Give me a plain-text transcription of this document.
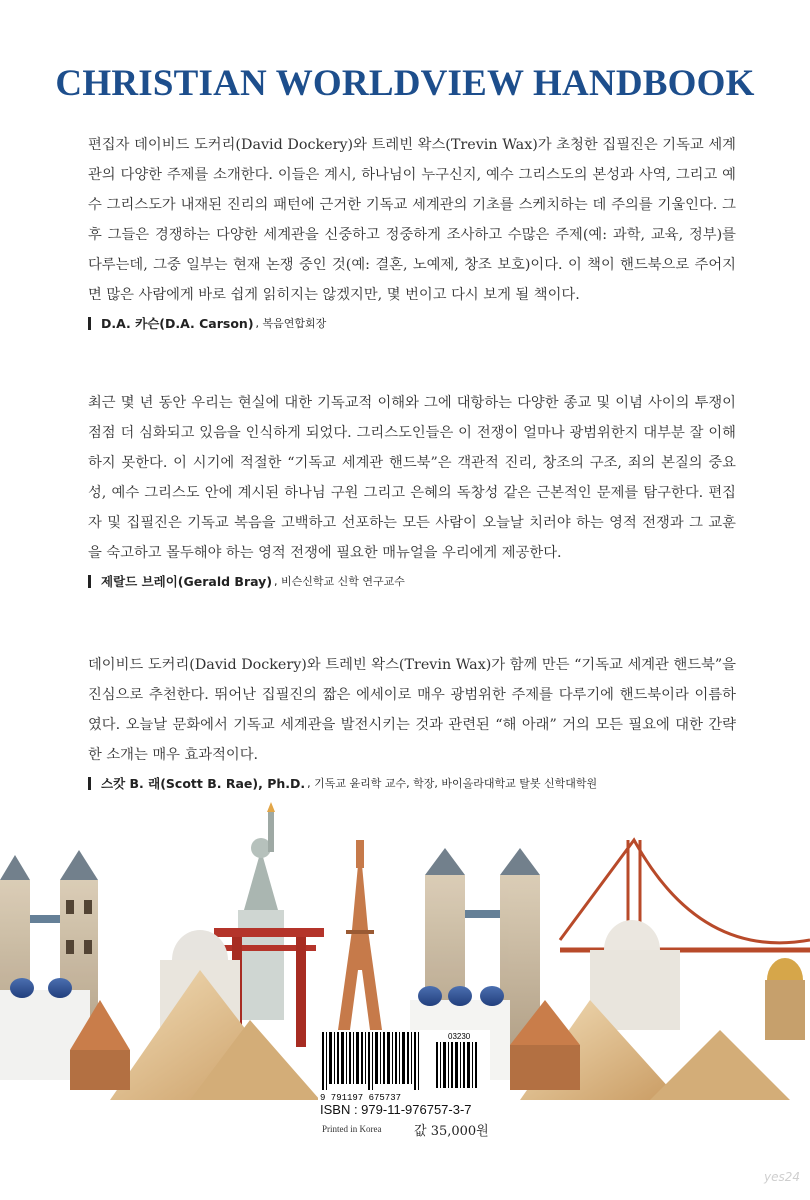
CHRISTIAN WORLDVIEW HANDBOOK

편집자 데이비드 도커리(David Dockery)와 트레빈 왁스(Trevin Wax)가 초청한 집필진은 기독교 세계관의 다양한 주제를 소개한다. 이들은 계시, 하나님이 누구신지, 예수 그리스도의 본성과 사역, 그리고 예수 그리스도가 내재된 진리의 패턴에 근거한 기독교 세계관의 기초를 스케치하는 데 주의를 기울인다. 그 후 그들은 경쟁하는 다양한 세계관을 신중하고 정중하게 조사하고 수많은 주제(예: 과학, 교육, 정부)를 다루는데, 그중 일부는 현재 논쟁 중인 것(예: 결혼, 노예제, 창조 보호)이다. 이 책이 핸드북으로 주어지면 많은 사람에게 바로 쉽게 읽히지는 않겠지만, 몇 번이고 다시 보게 될 책이다.

D.A. 카슨(D.A. Carson) , 복음연합회장

최근 몇 년 동안 우리는 현실에 대한 기독교적 이해와 그에 대항하는 다양한 종교 및 이념 사이의 투쟁이 점점 더 심화되고 있음을 인식하게 되었다. 그리스도인들은 이 전쟁이 얼마나 광범위한지 대부분 잘 이해하지 못한다. 이 시기에 적절한 “기독교 세계관 핸드북”은 객관적 진리, 창조의 구조, 죄의 본질의 중요성, 예수 그리스도 안에 계시된 하나님 구원 그리고 은혜의 독창성 같은 근본적인 문제를 탐구한다. 편집자 및 집필진은 기독교 복음을 고백하고 선포하는 모든 사람이 오늘날 치러야 하는 영적 전쟁과 그 교훈을 숙고하고 몰두해야 하는 영적 전쟁에 필요한 매뉴얼을 우리에게 제공한다.

제랄드 브레이(Gerald Bray) , 비슨신학교 신학 연구교수

데이비드 도커리(David Dockery)와 트레빈 왁스(Trevin Wax)가 함께 만든 “기독교 세계관 핸드북”을 진심으로 추천한다. 뛰어난 집필진의 짧은 에세이로 매우 광범위한 주제를 다루기에 핸드북이라 이름하였다. 오늘날 문화에서 기독교 세계관을 발전시키는 것과 관련된 “해 아래” 거의 모든 필요에 대한 간략한 소개는 매우 효과적이다.

스캇 B. 래(Scott B. Rae), Ph.D. , 기독교 윤리학 교수, 학장, 바이올라대학교 탈봇 신학대학원
03230
9 791197 675737
ISBN : 979-11-976757-3-7
Printed in Korea	값 35,000원
yes24
